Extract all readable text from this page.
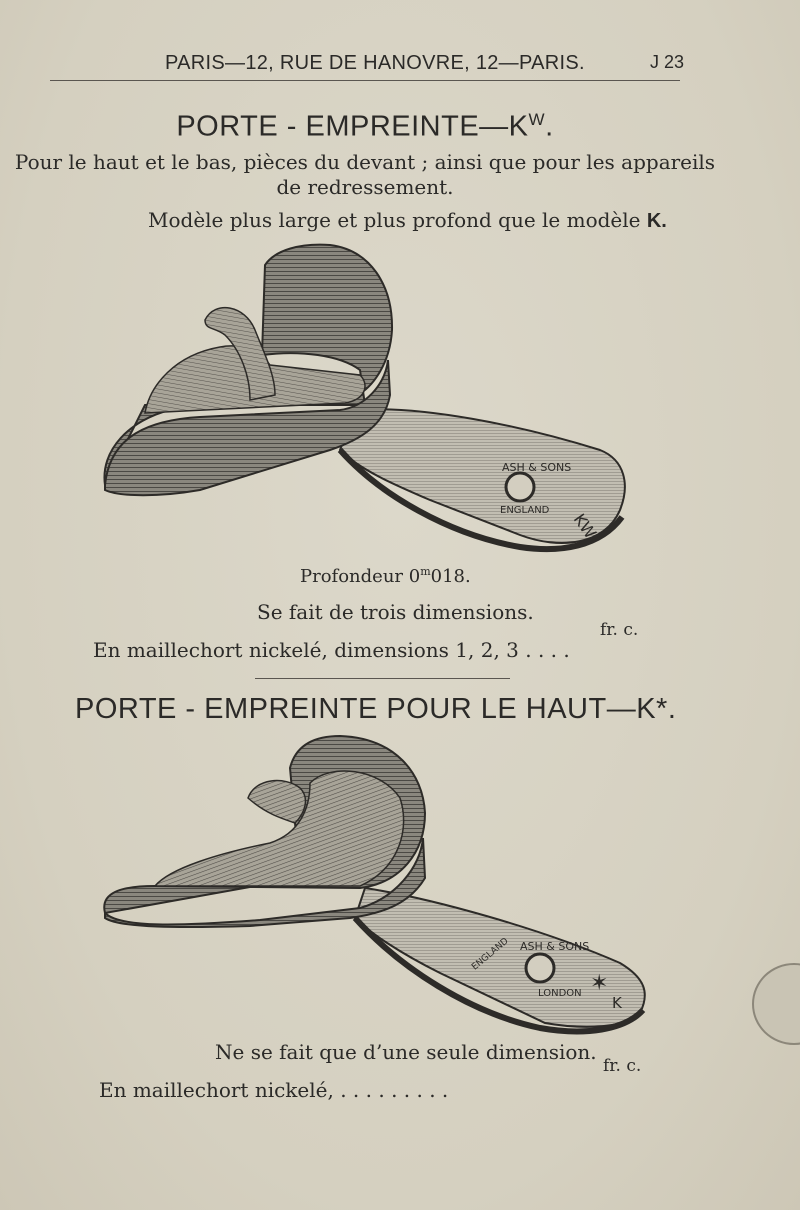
PARIS—12, RUE DE HANOVRE, 12—PARIS.	J 23
PORTE - $EMPREINTE—K^W$.
Pour le haut et le bas, pièces du devant ; ainsi que pour les appareils
de redressement.
Modèle plus large et plus profond que le modèle K.
ASH & SONS
ENGLAND KW
Profondeur 0$^m$018.
Se fait de trois dimensions.
fr. c.
En maillechort nickelé, dimensions 1, 2, 3 . . . .
PORTE - EMPREINTE POUR LE HAUT—K*.
ASH & SONS
LONDON
ENGLAND
✶
K
Ne se fait que d’une seule dimension.
fr. c.
En maillechort nickelé, . . . . . . . . .
